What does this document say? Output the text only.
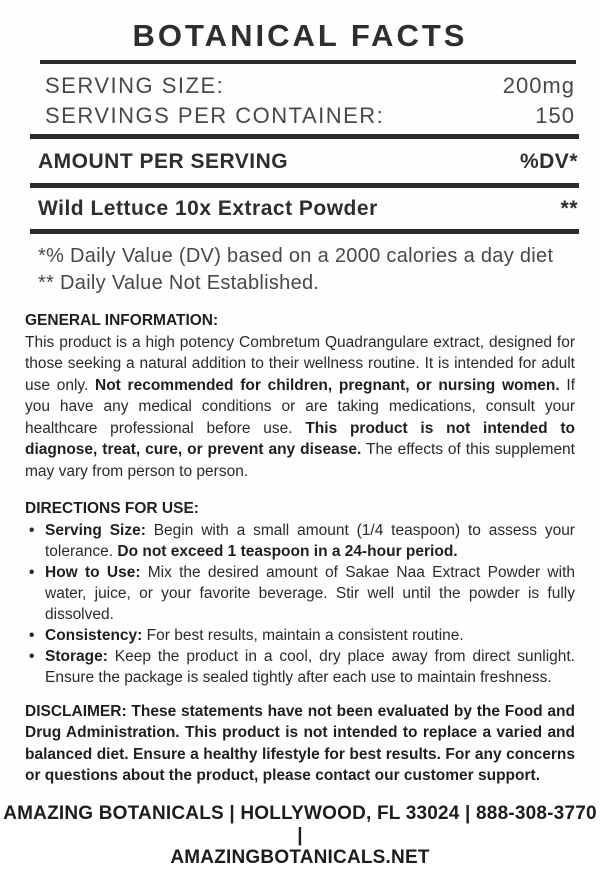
BOTANICAL FACTS
SERVING SIZE:	200mg
SERVINGS PER CONTAINER:	150
AMOUNT PER SERVING	%DV*
Wild Lettuce 10x Extract Powder	**
*% Daily Value (DV) based on a 2000 calories a day diet
** Daily Value Not Established.
GENERAL INFORMATION:
This product is a high potency Combretum Quadrangulare extract, designed for those seeking a natural addition to their wellness routine. It is intended for adult use only. Not recommended for children, pregnant, or nursing women. If you have any medical conditions or are taking medications, consult your healthcare professional before use. This product is not intended to diagnose, treat, cure, or prevent any disease. The effects of this supplement may vary from person to person.
DIRECTIONS FOR USE:
• Serving Size: Begin with a small amount (1/4 teaspoon) to assess your tolerance. Do not exceed 1 teaspoon in a 24-hour period.
• How to Use: Mix the desired amount of Sakae Naa Extract Powder with water, juice, or your favorite beverage. Stir well until the powder is fully dissolved.
• Consistency: For best results, maintain a consistent routine.
• Storage: Keep the product in a cool, dry place away from direct sunlight. Ensure the package is sealed tightly after each use to maintain freshness.
DISCLAIMER: These statements have not been evaluated by the Food and Drug Administration. This product is not intended to replace a varied and balanced diet. Ensure a healthy lifestyle for best results. For any concerns or questions about the product, please contact our customer support.
AMAZING BOTANICALS | HOLLYWOOD, FL 33024 | 888-308-3770 |
AMAZINGBOTANICALS.NET
